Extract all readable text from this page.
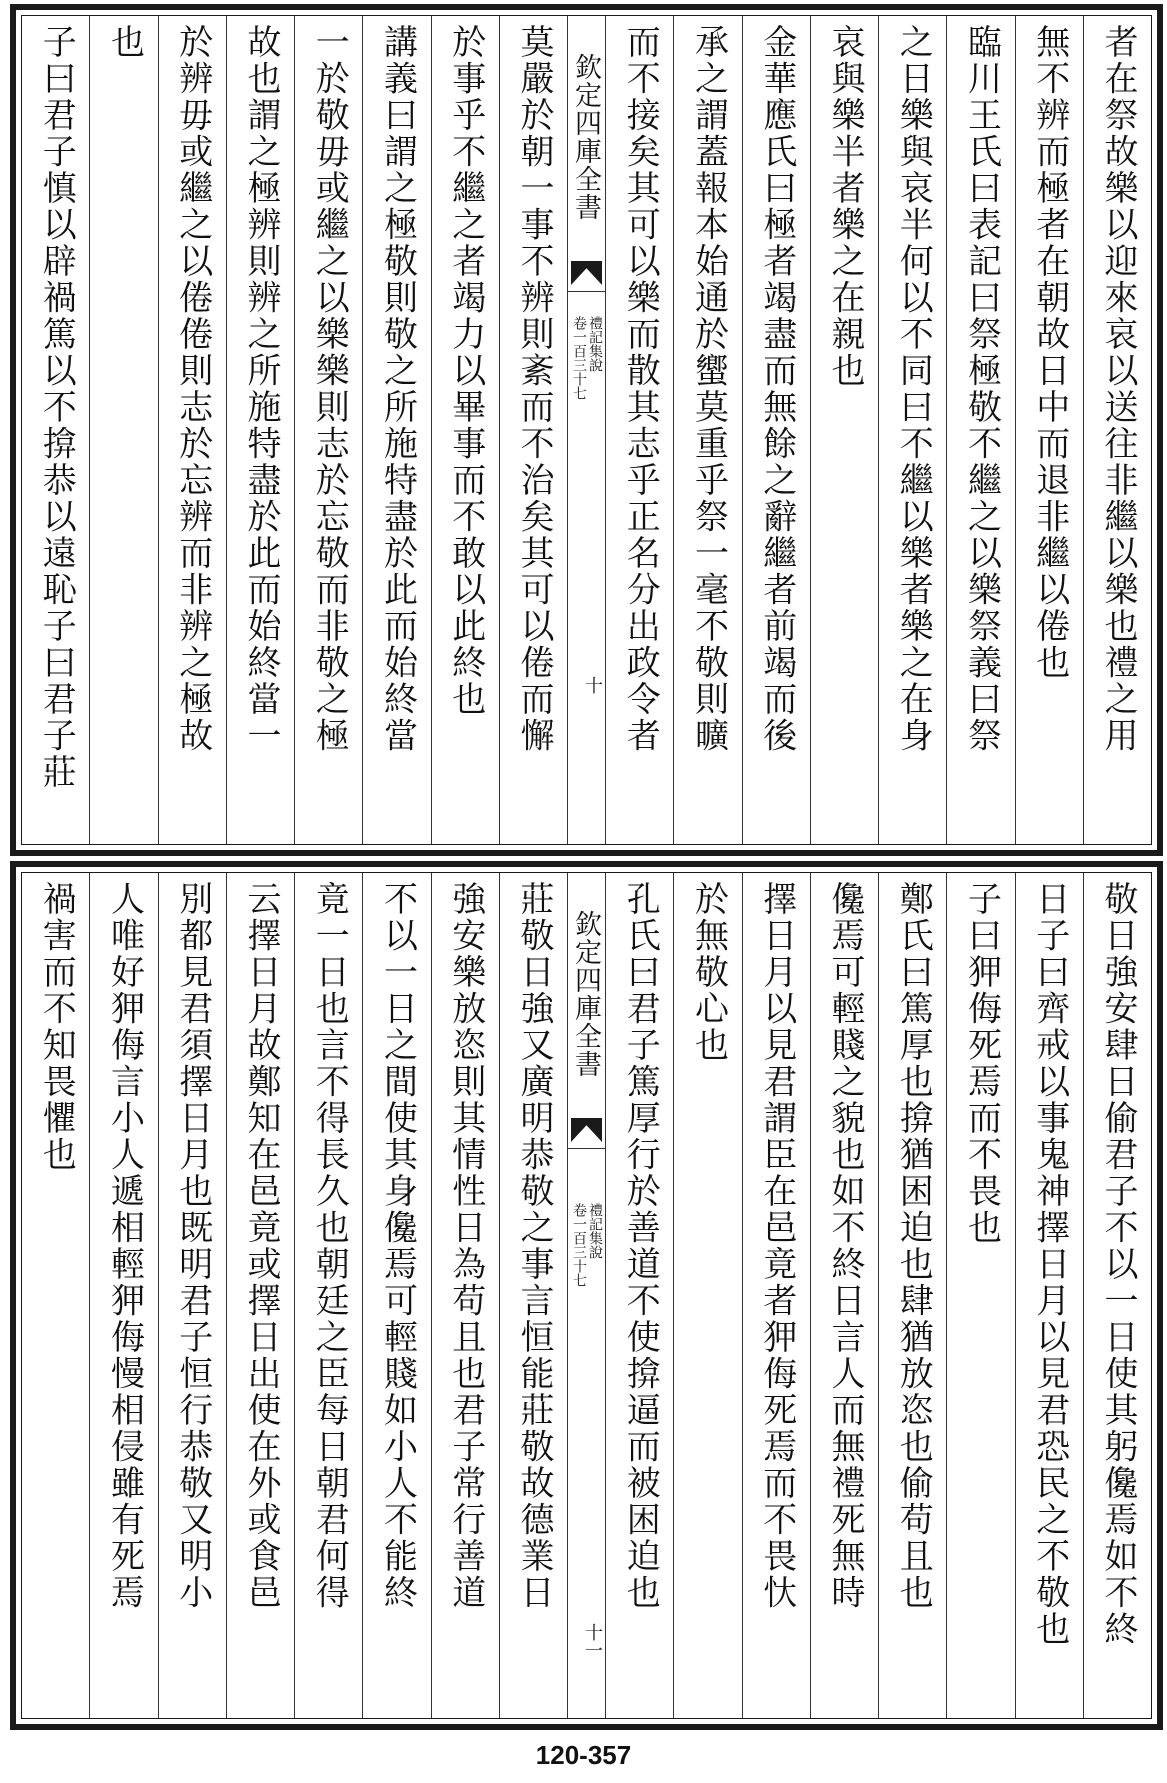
者在祭故樂以迎來哀以送往非繼以樂也禮之用
無不辨而極者在朝故日中而退非繼以倦也
臨川王氏曰表記曰祭極敬不繼之以樂祭義曰祭
之日樂與哀半何以不同曰不繼以樂者樂之在身
哀與樂半者樂之在親也
金華應氏曰極者竭盡而無餘之辭繼者前竭而後
承之謂蓋報本始通於蠁莫重乎祭一毫不敬則曠
而不接矣其可以樂而散其志乎正名分出政令者
欽定四庫全書
禮記集說
卷一百三十七
十
莫嚴於朝一事不辨則紊而不治矣其可以倦而懈
於事乎不繼之者竭力以畢事而不敢以此終也
講義曰謂之極敬則敬之所施特盡於此而始終當
一於敬毋或繼之以樂樂則志於忘敬而非敬之極
故也謂之極辨則辨之所施特盡於此而始終當一
於辨毋或繼之以倦倦則志於忘辨而非辨之極故
也
子曰君子慎以辟禍篤以不揜恭以遠恥子曰君子莊
敬日強安肆日偷君子不以一日使其躬儳焉如不終
日子曰齊戒以事鬼神擇日月以見君恐民之不敬也
子曰狎侮死焉而不畏也
鄭氏曰篤厚也揜猶困迫也肆猶放恣也偷苟且也
儳焉可輕賤之貌也如不終日言人而無禮死無時
擇日月以見君謂臣在邑竟者狎侮死焉而不畏忕
於無敬心也
孔氏曰君子篤厚行於善道不使揜逼而被困迫也
欽定四庫全書
禮記集說
卷一百三十七
十一
莊敬日強又廣明恭敬之事言恒能莊敬故德業日
強安樂放恣則其情性日為苟且也君子常行善道
不以一日之間使其身儳焉可輕賤如小人不能終
竟一日也言不得長久也朝廷之臣每日朝君何得
云擇日月故鄭知在邑竟或擇日出使在外或食邑
別都見君須擇日月也既明君子恒行恭敬又明小
人唯好狎侮言小人遞相輕狎侮慢相侵雖有死焉
禍害而不知畏懼也
120-357
